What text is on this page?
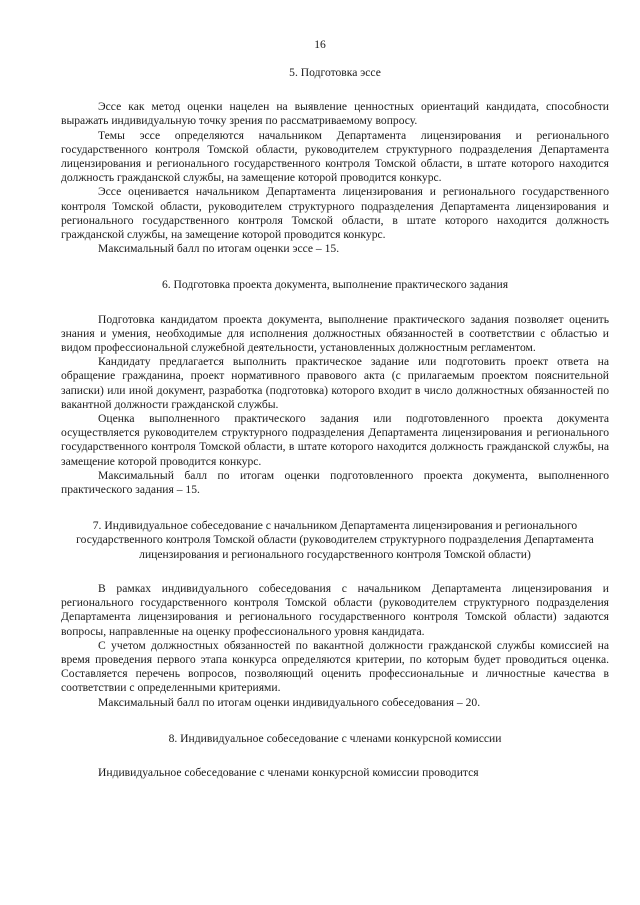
16

5. Подготовка эссе

Эссе как метод оценки нацелен на выявление ценностных ориентаций кандидата, способности выражать индивидуальную точку зрения по рассматриваемому вопросу.

Темы эссе определяются начальником Департамента лицензирования и регионального государственного контроля Томской области, руководителем структурного подразделения Департамента лицензирования и регионального государственного контроля Томской области, в штате которого находится должность гражданской службы, на замещение которой проводится конкурс.

Эссе оценивается начальником Департамента лицензирования и регионального государственного контроля Томской области, руководителем структурного подразделения Департамента лицензирования и регионального государственного контроля Томской области, в штате которого находится должность гражданской службы, на замещение которой проводится конкурс.

Максимальный балл по итогам оценки эссе – 15.

6. Подготовка проекта документа, выполнение практического задания

Подготовка кандидатом проекта документа, выполнение практического задания позволяет оценить знания и умения, необходимые для исполнения должностных обязанностей в соответствии с областью и видом профессиональной служебной деятельности, установленных должностным регламентом.

Кандидату предлагается выполнить практическое задание или подготовить проект ответа на обращение гражданина, проект нормативного правового акта (с прилагаемым проектом пояснительной записки) или иной документ, разработка (подготовка) которого входит в число должностных обязанностей по вакантной должности гражданской службы.

Оценка выполненного практического задания или подготовленного проекта документа осуществляется руководителем структурного подразделения Департамента лицензирования и регионального государственного контроля Томской области, в штате которого находится должность гражданской службы, на замещение которой проводится конкурс.

Максимальный балл по итогам оценки подготовленного проекта документа, выполненного практического задания – 15.

7. Индивидуальное собеседование с начальником Департамента лицензирования и регионального государственного контроля Томской области (руководителем структурного подразделения Департамента лицензирования и регионального государственного контроля Томской области)

В рамках индивидуального собеседования с начальником Департамента лицензирования и регионального государственного контроля Томской области (руководителем структурного подразделения Департамента лицензирования и регионального государственного контроля Томской области) задаются вопросы, направленные на оценку профессионального уровня кандидата.

С учетом должностных обязанностей по вакантной должности гражданской службы комиссией на время проведения первого этапа конкурса определяются критерии, по которым будет проводиться оценка. Составляется перечень вопросов, позволяющий оценить профессиональные и личностные качества в соответствии с определенными критериями.

Максимальный балл по итогам оценки индивидуального собеседования – 20.

8. Индивидуальное собеседование с членами конкурсной комиссии

Индивидуальное собеседование с членами конкурсной комиссии проводится
